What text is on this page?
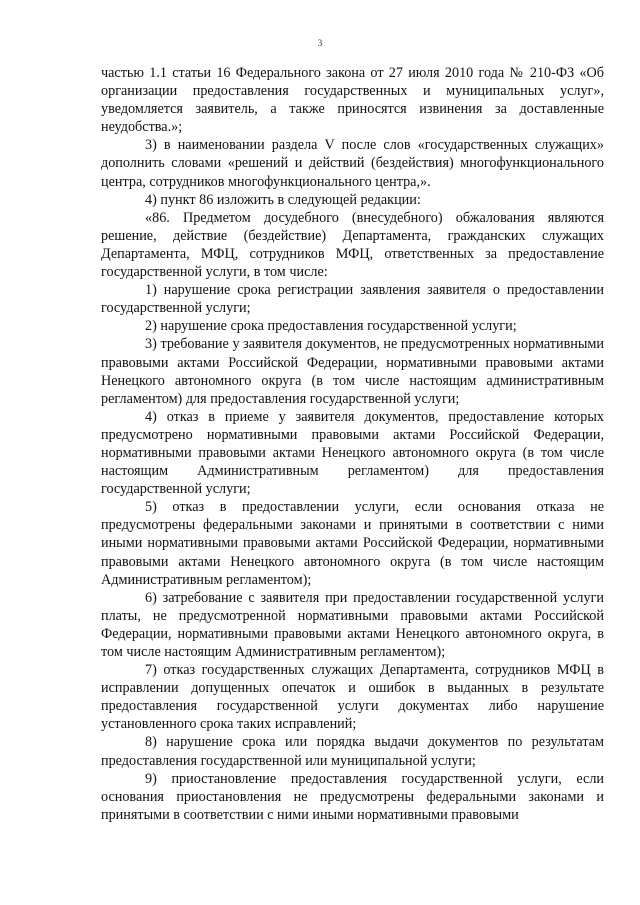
3

частью 1.1 статьи 16 Федерального закона от 27 июля 2010 года № 210-ФЗ «Об организации предоставления государственных и муниципальных услуг», уведомляется заявитель, а также приносятся извинения за доставленные неудобства.»;

3) в наименовании раздела V после слов «государственных служащих» дополнить словами «решений и действий (бездействия) многофункционального центра, сотрудников многофункционального центра,».

4) пункт 86 изложить в следующей редакции:

«86. Предметом досудебного (внесудебного) обжалования являются решение, действие (бездействие) Департамента, гражданских служащих Департамента, МФЦ, сотрудников МФЦ, ответственных за предоставление государственной услуги, в том числе:

1) нарушение срока регистрации заявления заявителя о предоставлении государственной услуги;

2) нарушение срока предоставления государственной услуги;

3) требование у заявителя документов, не предусмотренных нормативными правовыми актами Российской Федерации, нормативными правовыми актами Ненецкого автономного округа (в том числе настоящим административным регламентом) для предоставления государственной услуги;

4) отказ в приеме у заявителя документов, предоставление которых предусмотрено нормативными правовыми актами Российской Федерации, нормативными правовыми актами Ненецкого автономного округа (в том числе настоящим Административным регламентом) для предоставления государственной услуги;

5) отказ в предоставлении услуги, если основания отказа не предусмотрены федеральными законами и принятыми в соответствии с ними иными нормативными правовыми актами Российской Федерации, нормативными правовыми актами Ненецкого автономного округа (в том числе настоящим Административным регламентом);

6) затребование с заявителя при предоставлении государственной услуги платы, не предусмотренной нормативными правовыми актами Российской Федерации, нормативными правовыми актами Ненецкого автономного округа, в том числе настоящим Административным регламентом);

7) отказ государственных служащих Департамента, сотрудников МФЦ в исправлении допущенных опечаток и ошибок в выданных в результате предоставления государственной услуги документах либо нарушение установленного срока таких исправлений;

8) нарушение срока или порядка выдачи документов по результатам предоставления государственной или муниципальной услуги;

9) приостановление предоставления государственной услуги, если основания приостановления не предусмотрены федеральными законами и принятыми в соответствии с ними иными нормативными правовыми
